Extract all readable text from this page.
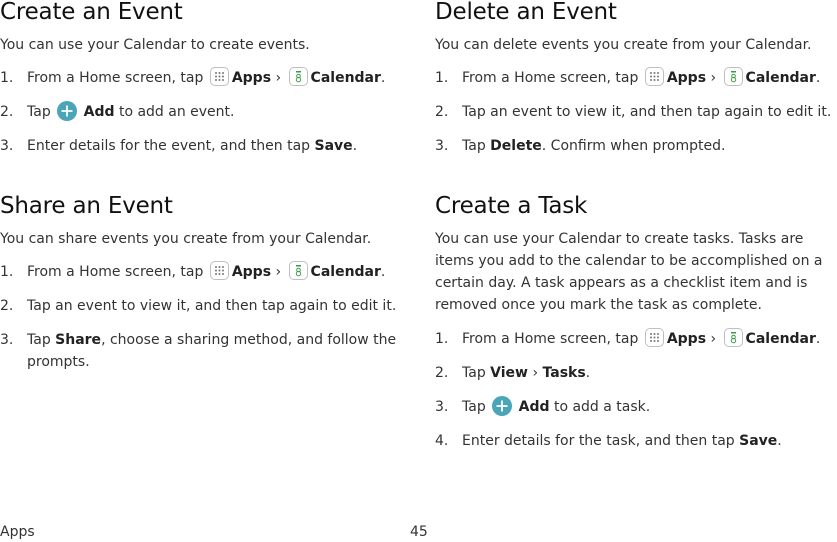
Create an Event

You can use your Calendar to create events.

1. From a Home screen, tap Apps › Calendar.
2. Tap Add to add an event.
3. Enter details for the event, and then tap Save.
Share an Event

You can share events you create from your Calendar.

1. From a Home screen, tap Apps › Calendar.
2. Tap an event to view it, and then tap again to edit it.
3. Tap Share, choose a sharing method, and follow the prompts.
Delete an Event

You can delete events you create from your Calendar.

1. From a Home screen, tap Apps › Calendar.
2. Tap an event to view it, and then tap again to edit it.
3. Tap Delete. Confirm when prompted.
Create a Task

You can use your Calendar to create tasks. Tasks are items you add to the calendar to be accomplished on a certain day. A task appears as a checklist item and is removed once you mark the task as complete.

1. From a Home screen, tap Apps › Calendar.
2. Tap View › Tasks.
3. Tap Add to add a task.
4. Enter details for the task, and then tap Save.
Apps	45
